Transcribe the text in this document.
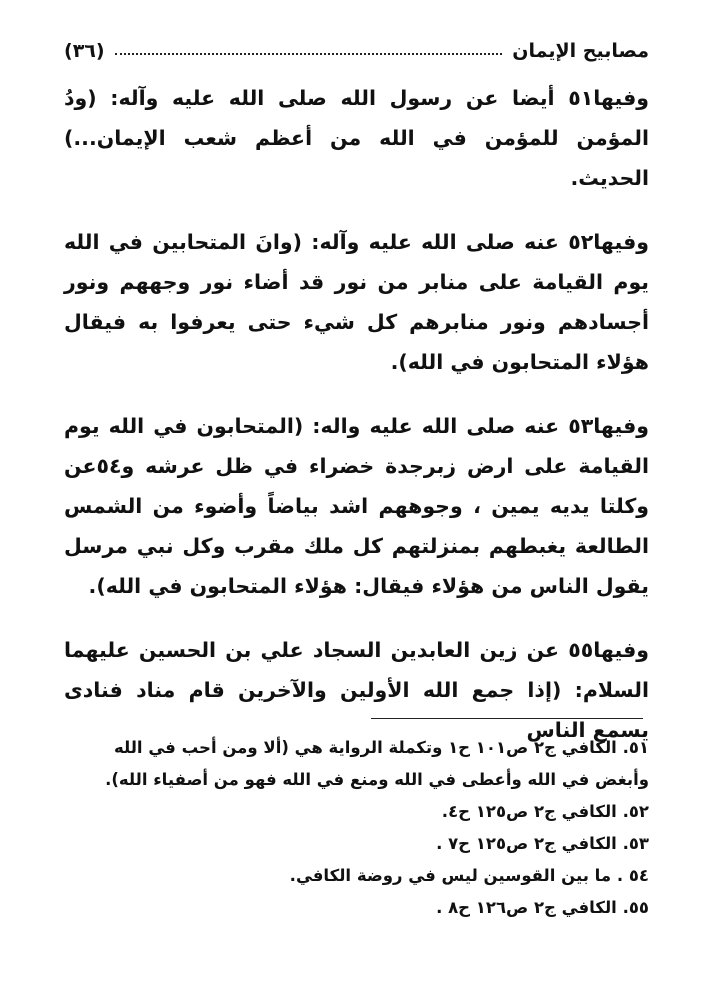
(٣٦)	مصابيح الإيمان

وفيها٥١ أيضا عن رسول الله صلى الله عليه وآله: (ودُ المؤمن للمؤمن في الله من أعظم شعب الإيمان...) الحديث.

وفيها٥٢ عنه صلى الله عليه وآله: (وانَ المتحابين في الله يوم القيامة على منابر من نور قد أضاء نور وجههم ونور أجسادهم ونور منابرهم كل شيء حتى يعرفوا به فيقال هؤلاء المتحابون في الله).

وفيها٥٣ عنه صلى الله عليه واله: (المتحابون في الله يوم القيامة على ارض زبرجدة خضراء في ظل عرشه و٥٤عن وكلتا يديه يمين ، وجوههم اشد بياضاً وأضوء من الشمس الطالعة يغبطهم بمنزلتهم كل ملك مقرب وكل نبي مرسل يقول الناس من هؤلاء فيقال: هؤلاء المتحابون في الله).

وفيها٥٥ عن زين العابدين السجاد علي بن الحسين عليهما السلام: (إذا جمع الله الأولين والآخرين قام مناد فنادى يسمع الناس

٥١. الكافي ج٢ ص١٠١ ح١ وتكملة الرواية هي (ألا ومن أحب في الله وأبغض في الله وأعطى في الله ومنع في الله فهو من أصفياء الله).

٥٢. الكافي ج٢ ص١٢٥ ح٤.

٥٣. الكافي ج٢ ص١٢٥ ح٧ .

٥٤ . ما بين القوسين ليس في روضة الكافي.

٥٥. الكافي ج٢ ص١٢٦ ح٨ .
